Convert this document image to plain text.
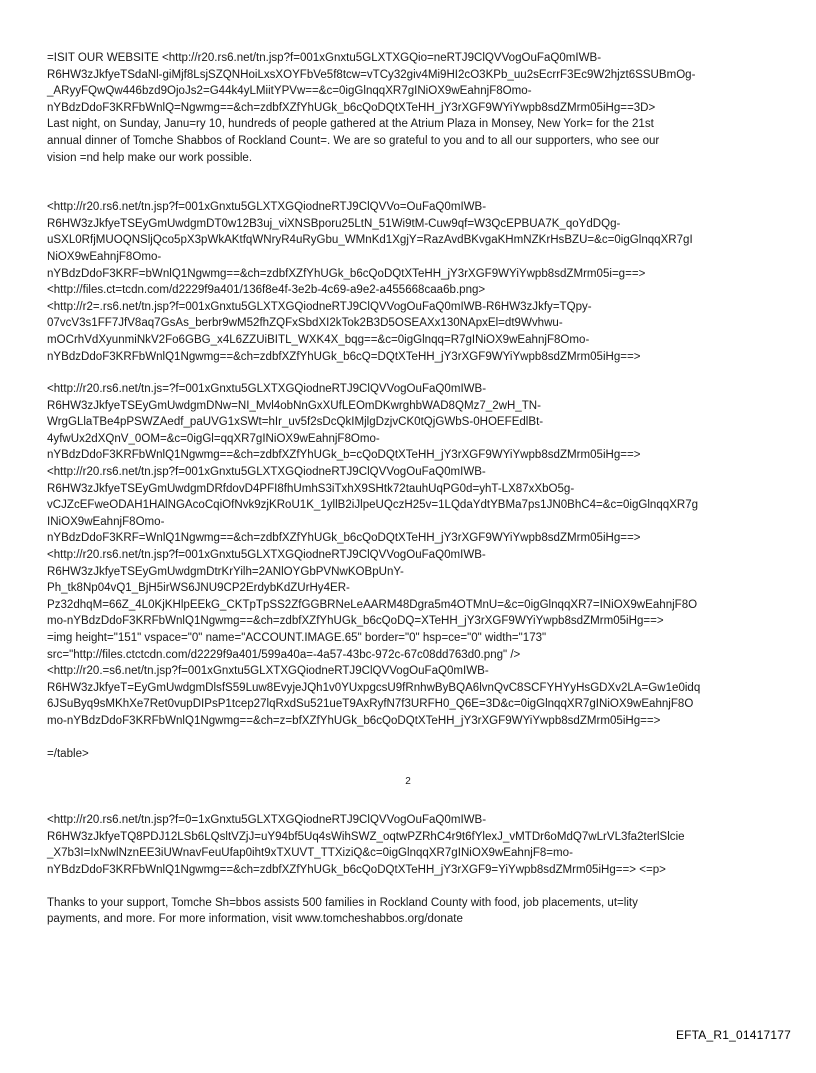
=ISIT OUR WEBSITE <http://r20.rs6.net/tn.jsp?f=001xGnxtu5GLXTXGQio=neRTJ9ClQVVogOuFaQ0mIWB-
R6HW3zJkfyeTSdaNl-giMjf8LsjSZQNHoiLxsXOYFbVe5f8tcw=vTCy32giv4Mi9HI2cO3KPb_uu2sEcrrF3Ec9W2hjzt6SSUBmOg-
_ARyyFQwQw446bzd9OjoJs2=G44k4yLMiitYPVw==&c=0igGlnqqXR7gINiOX9wEahnjF8Omo-
nYBdzDdoF3KRFbWnlQ=Ngwmg==&ch=zdbfXZfYhUGk_b6cQoDQtXTeHH_jY3rXGF9WYiYwpb8sdZMrm05iHg==3D>
Last night, on Sunday, Janu=ry 10, hundreds of people gathered at the Atrium Plaza in Monsey, New York= for the 21st
annual dinner of Tomche Shabbos of Rockland Count=. We are so grateful to you and to all our supporters, who see our
vision =nd help make our work possible.
<http://r20.rs6.net/tn.jsp?f=001xGnxtu5GLXTXGQiodneRTJ9ClQVVo=OuFaQ0mIWB-
R6HW3zJkfyeTSEyGmUwdgmDT0w12B3uj_viXNSBporu25LtN_51Wi9tM-Cuw9qf=W3QcEPBUA7K_qoYdDQg-
uSXL0RfjMUOQNSljQco5pX3pWkAKtfqWNryR4uRyGbu_WMnKd1XgjY=RazAvdBKvgaKHmNZKrHsBZU=&c=0igGlnqqXR7gI
NiOX9wEahnjF8Omo-
nYBdzDdoF3KRF=bWnlQ1Ngwmg==&ch=zdbfXZfYhUGk_b6cQoDQtXTeHH_jY3rXGF9WYiYwpb8sdZMrm05i=g==>
<http://files.ct=tcdn.com/d2229f9a401/136f8e4f-3e2b-4c69-a9e2-a455668caa6b.png>
<http://r2=.rs6.net/tn.jsp?f=001xGnxtu5GLXTXGQiodneRTJ9ClQVVogOuFaQ0mIWB-R6HW3zJkfy=TQpy-
07vcV3s1FF7JfV8aq7GsAs_berbr9wM52fhZQFxSbdXI2kTok2B3D5OSEAXx130NApxEl=dt9Wvhwu-
mOCrhVdXyunmiNkV2Fo6GBG_x4L6ZZUiBITL_WXK4X_bqg==&c=0igGlnqq=R7gINiOX9wEahnjF8Omo-
nYBdzDdoF3KRFbWnlQ1Ngwmg==&ch=zdbfXZfYhUGk_b6cQ=DQtXTeHH_jY3rXGF9WYiYwpb8sdZMrm05iHg==>
<http://r20.rs6.net/tn.js=?f=001xGnxtu5GLXTXGQiodneRTJ9ClQVVogOuFaQ0mIWB-
R6HW3zJkfyeTSEyGmUwdgmDNw=NI_Mvl4obNnGxXUfLEOmDKwrghbWAD8QMz7_2wH_TN-
WrgGLlaTBe4pPSWZAedf_paUVG1xSWt=hIr_uv5f2sDcQkIMjlgDzjvCK0tQjGWbS-0HOEFEdlBt-
4yfwUx2dXQnV_0OM=&c=0igGl=qqXR7gINiOX9wEahnjF8Omo-
nYBdzDdoF3KRFbWnlQ1Ngwmg==&ch=zdbfXZfYhUGk_b=cQoDQtXTeHH_jY3rXGF9WYiYwpb8sdZMrm05iHg==>
<http://r20.rs6.net/tn.jsp?f=001xGnxtu5GLXTXGQiodneRTJ9ClQVVogOuFaQ0mIWB-
R6HW3zJkfyeTSEyGmUwdgmDRfdovD4PFI8fhUmhS3iTxhX9SHtk72tauhUqPG0d=yhT-LX87xXbO5g-
vCJZcEFweODAH1HAlNGAcoCqiOfNvk9zjKRoU1K_1yllB2iJlpeUQczH25v=1LQdaYdtYBMa7ps1JN0BhC4=&c=0igGlnqqXR7g
INiOX9wEahnjF8Omo-
nYBdzDdoF3KRF=WnlQ1Ngwmg==&ch=zdbfXZfYhUGk_b6cQoDQtXTeHH_jY3rXGF9WYiYwpb8sdZMrm05iHg==>
<http://r20.rs6.net/tn.jsp?f=001xGnxtu5GLXTXGQiodneRTJ9ClQVVogOuFaQ0mIWB-
R6HW3zJkfyeTSEyGmUwdgmDtrKrYilh=2ANlOYGbPVNwKOBpUnY-
Ph_tk8Np04vQ1_BjH5irWS6JNU9CP2ErdybKdZUrHy4ER-
Pz32dhqM=66Z_4L0KjKHlpEEkG_CKTpTpSS2ZfGGBRNeLeAARM48Dgra5m4OTMnU=&c=0igGlnqqXR7=INiOX9wEahnjF8O
mo-nYBdzDdoF3KRFbWnlQ1Ngwmg==&ch=zdbfXZfYhUGk_b6cQoDQ=XTeHH_jY3rXGF9WYiYwpb8sdZMrm05iHg==>
=img height="151" vspace="0" name="ACCOUNT.IMAGE.65" border="0" hsp=ce="0" width="173"
src="http://files.ctctcdn.com/d2229f9a401/599a40a=-4a57-43bc-972c-67c08dd763d0.png" />
<http://r20.=s6.net/tn.jsp?f=001xGnxtu5GLXTXGQiodneRTJ9ClQVVogOuFaQ0mIWB-
R6HW3zJkfyeT=EyGmUwdgmDlsfS59Luw8EvyjeJQh1v0YUxpgcsU9fRnhwByBQA6lvnQvC8SCFYHYyHsGDXv2LA=Gw1e0idq
6JSuByq9sMKhXe7Ret0vupDIPsP1tcep27lqRxdSu521ueT9AxRyfN7f3URFH0_Q6E=3D&c=0igGlnqqXR7gINiOX9wEahnjF8O
mo-nYBdzDdoF3KRFbWnlQ1Ngwmg==&ch=z=bfXZfYhUGk_b6cQoDQtXTeHH_jY3rXGF9WYiYwpb8sdZMrm05iHg==>
=/table>
<http://r20.rs6.net/tn.jsp?f=0=1xGnxtu5GLXTXGQiodneRTJ9ClQVVogOuFaQ0mIWB-
R6HW3zJkfyeTQ8PDJ12LSb6LQsltVZjJ=uY94bf5Uq4sWihSWZ_oqtwPZRhC4r9t6fYlexJ_vMTDr6oMdQ7wLrVL3fa2terlSlcie
_X7b3I=IxNwlNznEE3iUWnavFeuUfap0iht9xTXUVT_TTXiziQ&c=0igGlnqqXR7gINiOX9wEahnjF8=mo-
nYBdzDdoF3KRFbWnlQ1Ngwmg==&ch=zdbfXZfYhUGk_b6cQoDQtXTeHH_jY3rXGF9=YiYwpb8sdZMrm05iHg==> <=p>
Thanks to your support, Tomche Sh=bbos assists 500 families in Rockland County with food, job placements, ut=lity
payments, and more. For more information, visit www.tomcheshabbos.org/donate
2
EFTA_R1_01417177
